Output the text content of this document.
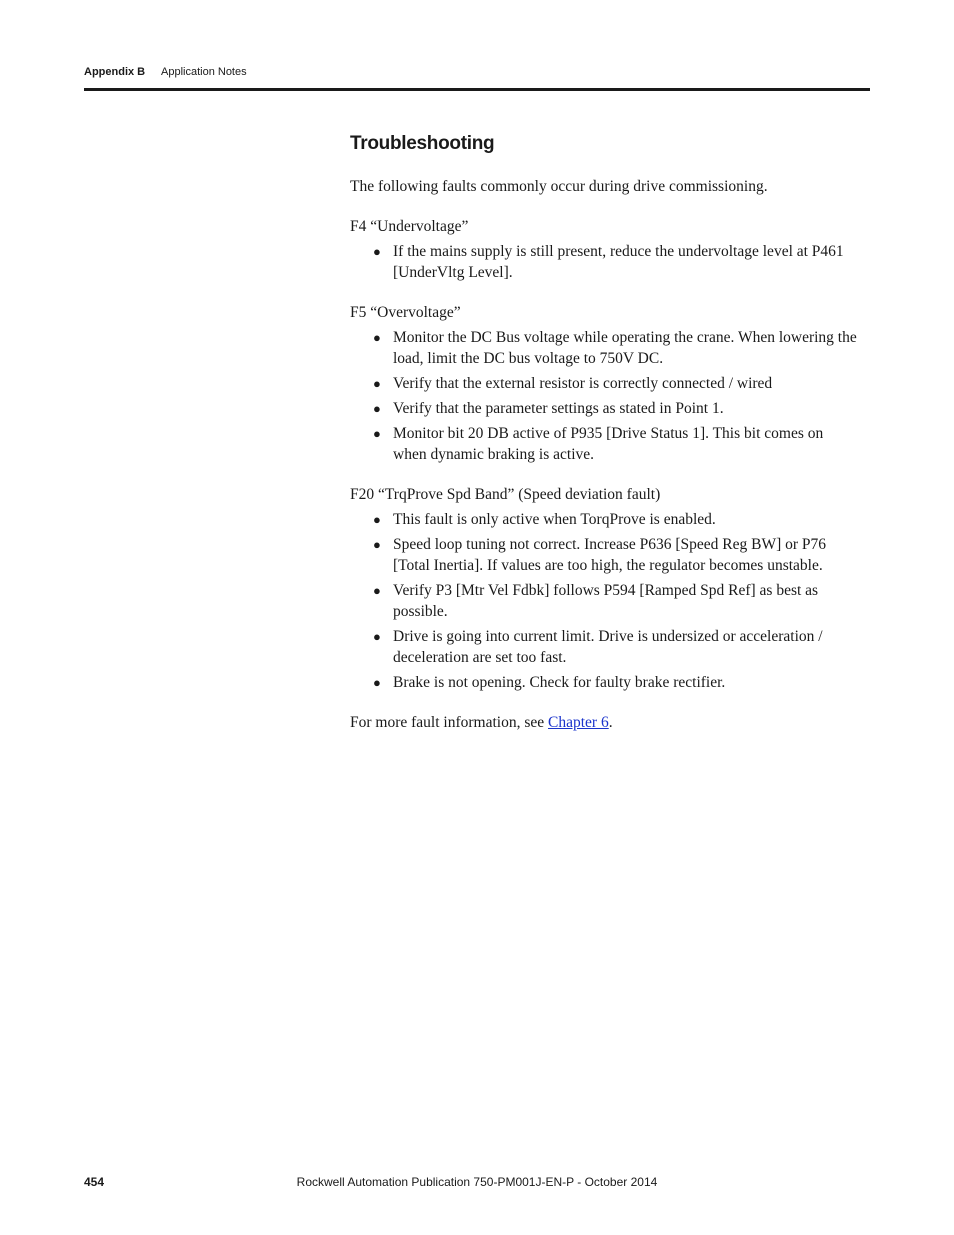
Appendix B Application Notes
Troubleshooting

The following faults commonly occur during drive commissioning.

F4 “Undervoltage”

● If the mains supply is still present, reduce the undervoltage level at P461 [UnderVltg Level].

F5 “Overvoltage”

● Monitor the DC Bus voltage while operating the crane. When lowering the load, limit the DC bus voltage to 750V DC.
● Verify that the external resistor is correctly connected / wired
● Verify that the parameter settings as stated in Point 1.
● Monitor bit 20 DB active of P935 [Drive Status 1]. This bit comes on when dynamic braking is active.

F20 “TrqProve Spd Band” (Speed deviation fault)

● This fault is only active when TorqProve is enabled.
● Speed loop tuning not correct. Increase P636 [Speed Reg BW] or P76 [Total Inertia]. If values are too high, the regulator becomes unstable.
● Verify P3 [Mtr Vel Fdbk] follows P594 [Ramped Spd Ref] as best as possible.
● Drive is going into current limit. Drive is undersized or acceleration / deceleration are set too fast.
● Brake is not opening. Check for faulty brake rectifier.

For more fault information, see Chapter 6.

Rockwell Automation Publication 750-PM001J-EN-P - October 2014
454
